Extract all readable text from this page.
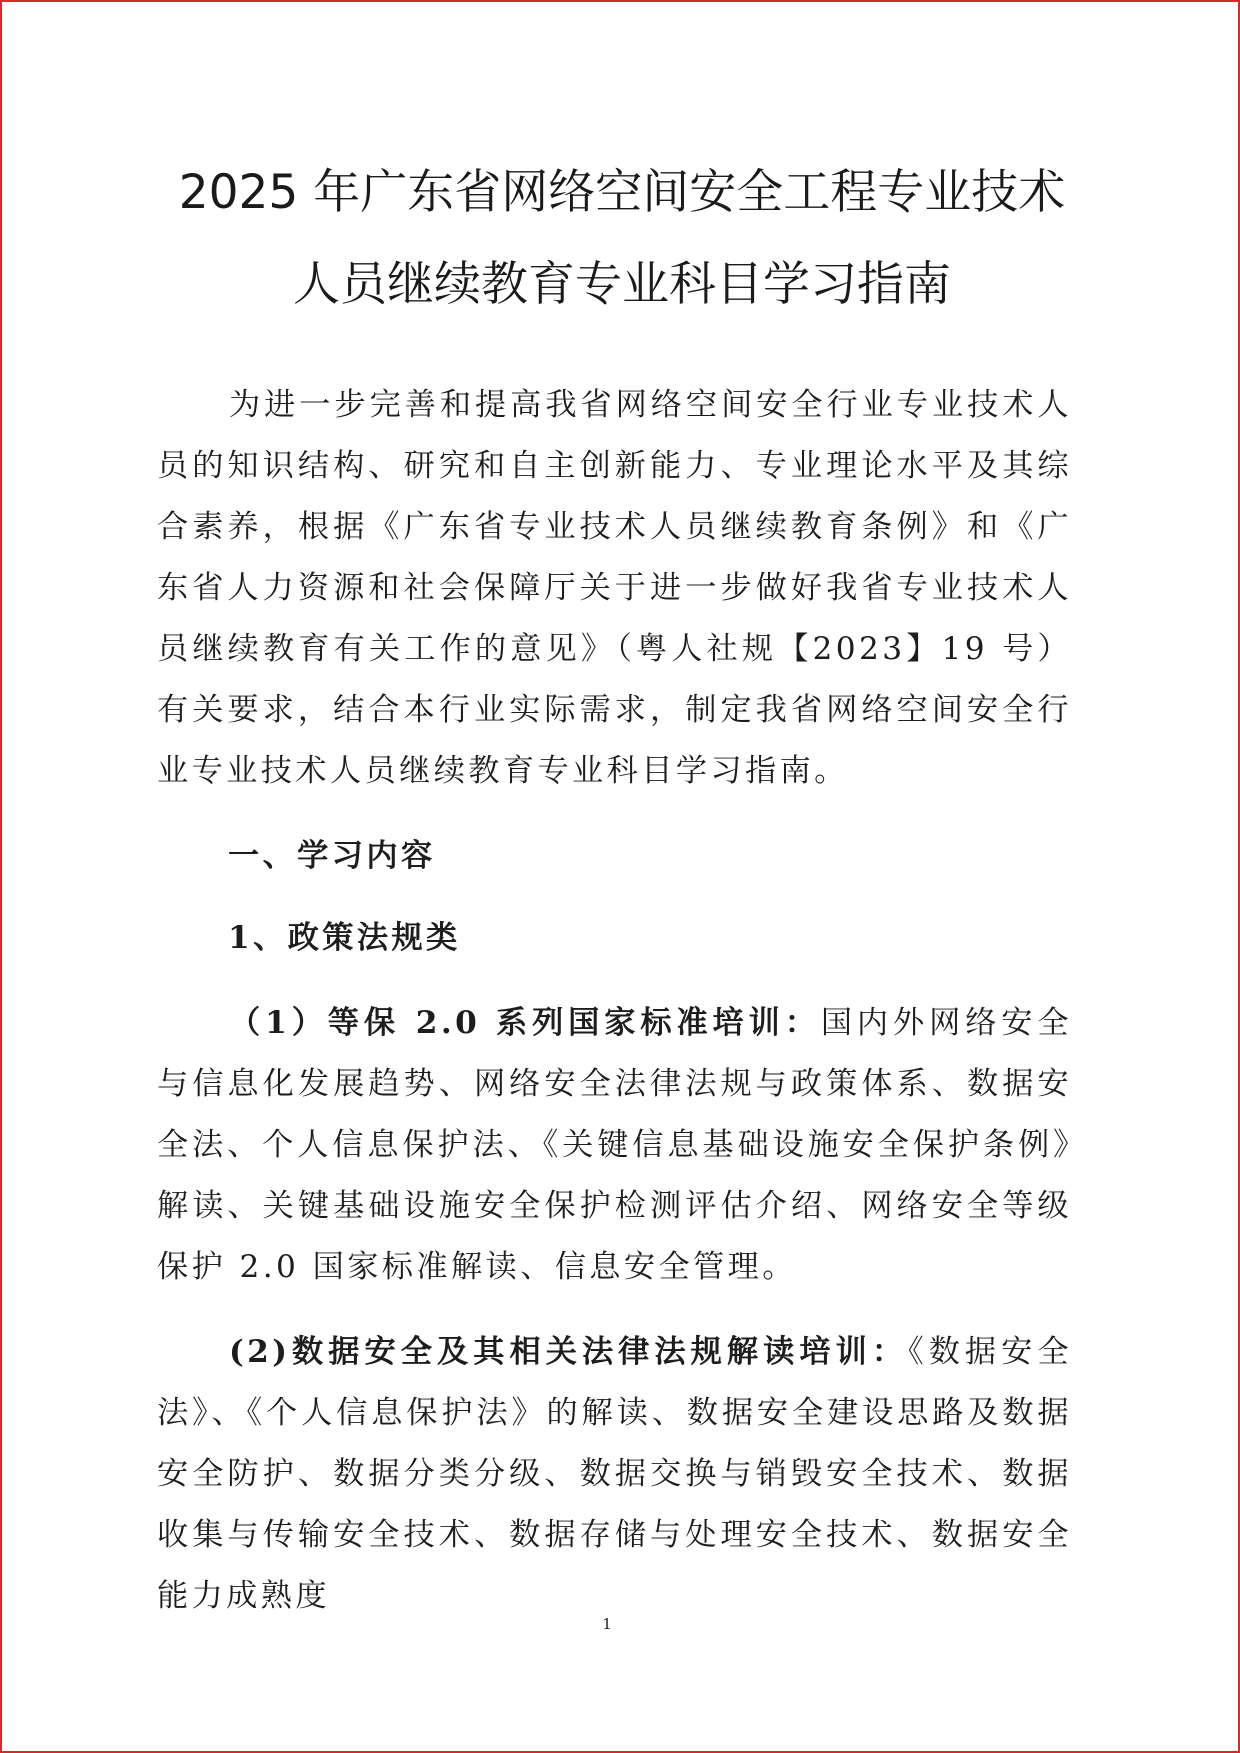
2025 年广东省网络空间安全工程专业技术
人员继续教育专业科目学习指南

为进一步完善和提高我省网络空间安全行业专业技术人员的知识结构、研究和自主创新能力、专业理论水平及其综合素养，根据《广东省专业技术人员继续教育条例》和《广东省人力资源和社会保障厅关于进一步做好我省专业技术人员继续教育有关工作的意见》（粤人社规【2023】19 号）有关要求，结合本行业实际需求，制定我省网络空间安全行业专业技术人员继续教育专业科目学习指南。

一、学习内容

1、政策法规类

（1）等保 2.0 系列国家标准培训：国内外网络安全与信息化发展趋势、网络安全法律法规与政策体系、数据安全法、个人信息保护法、《关键信息基础设施安全保护条例》解读、关键基础设施安全保护检测评估介绍、网络安全等级保护 2.0 国家标准解读、信息安全管理。

(2)数据安全及其相关法律法规解读培训：《数据安全法》、《个人信息保护法》的解读、数据安全建设思路及数据安全防护、数据分类分级、数据交换与销毁安全技术、数据收集与传输安全技术、数据存储与处理安全技术、数据安全能力成熟度

1
